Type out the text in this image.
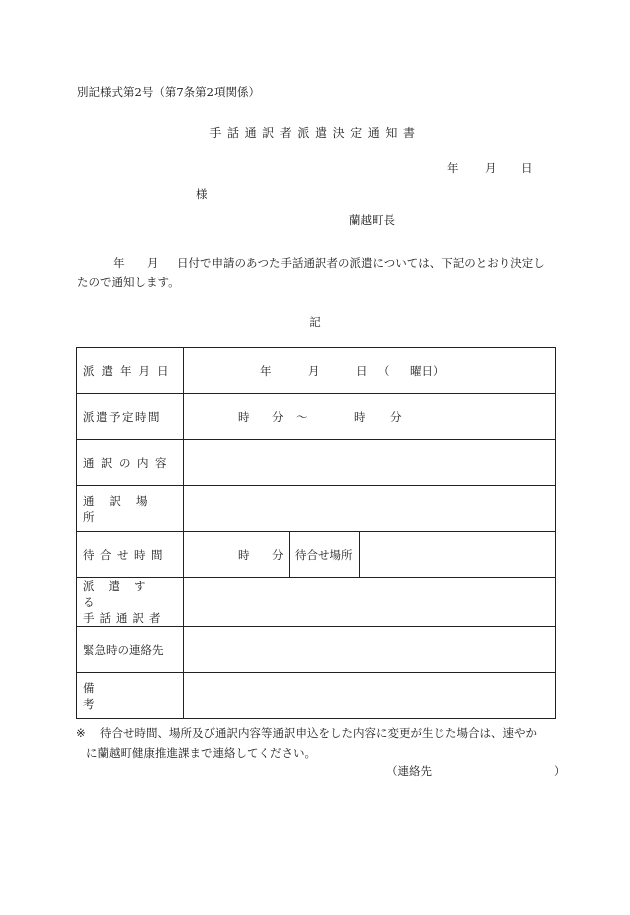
別記様式第2号（第7条第2項関係）
手話通訳者派遣決定通知書
年 月 日
様
蘭越町長
年 月 日付で申請のあつた手話通訳者の派遣については、下記のとおり決定したので通知します。
記
派遣年月日	年 月 日 （ 曜日）

派遣予定時間	時 分 ～ 時 分

通訳の内容	

通訳場所	

待合せ時間	時 分 待合せ場所

派遣する
手話通訳者	

緊急時の連絡先	

備考	

※ 待合せ時間、場所及び通訳内容等通訳申込をした内容に変更が生じた場合は、速やか
に蘭越町健康推進課まで連絡してください。
（連絡先	）
